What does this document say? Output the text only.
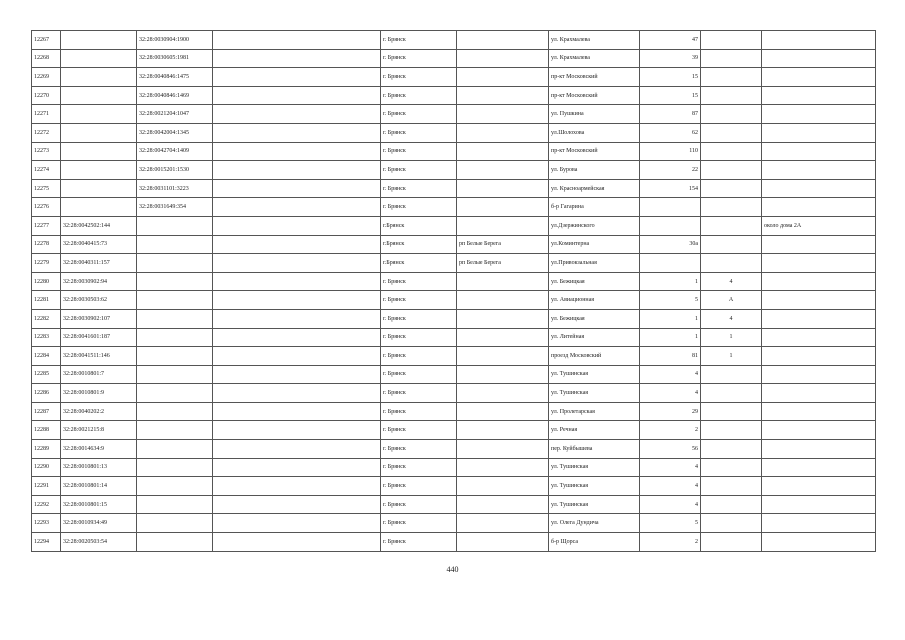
12267		32:28:0030904:1900		г. Брянск		ул. Крахмалева	47		
12268		32:28:0030605:1981		г. Брянск		ул. Крахмалева	39		
12269		32:28:0040846:1475		г. Брянск		пр-кт Московский	15		
12270		32:28:0040846:1469		г. Брянск		пр-кт Московский	15		
12271		32:28:0021204:1047		г. Брянск		ул. Пушкина	87		
12272		32:28:0042004:1345		г. Брянск		ул.Шолохова	62		
12273		32:28:0042704:1409		г. Брянск		пр-кт Московский	110		
12274		32:28:0015201:1530		г. Брянск		ул. Бурова	22		
12275		32:28:0031101:3223		г. Брянск		ул. Красноармейская	154		
12276		32:28:0031649:354		г. Брянск		б-р Гагарина			
12277	32:28:0042502:144			г.Брянск		ул.Дзержинского			около дома 2А
12278	32:28:0040415:73			г.Брянск	рп Белые Берега	ул.Коминтерна	30а		
12279	32:28:0040311:157			г.Брянск	рп Белые Берега	ул.Привокзальная			
12280	32:28:0030902:94			г. Брянск		ул. Бежицкая	1	4	
12281	32:28:0030503:62			г. Брянск		ул. Авиационная	5	А	
12282	32:28:0030902:107			г. Брянск		ул. Бежицкая	1	4	
12283	32:28:0041601:187			г. Брянск		ул. Литейная	1	1	
12284	32:28:0041511:146			г. Брянск		проезд Московский	81	1	
12285	32:28:0010801:7			г. Брянск		ул. Тушинская	4		
12286	32:28:0010801:9			г. Брянск		ул. Тушинская	4		
12287	32:28:0040202:2			г. Брянск		ул. Пролетарская	29		
12288	32:28:0021215:8			г. Брянск		ул. Речная	2		
12289	32:28:0014634:9			г. Брянск		пер. Куйбышева	56		
12290	32:28:0010801:13			г. Брянск		ул. Тушинская	4		
12291	32:28:0010801:14			г. Брянск		ул. Тушинская	4		
12292	32:28:0010801:15			г. Брянск		ул. Тушинская	4		
12293	32:28:0010934:49			г. Брянск		ул. Олега Дундича	5		
12294	32:28:0020503:54			г. Брянск		б-р Щорса	2		
440
